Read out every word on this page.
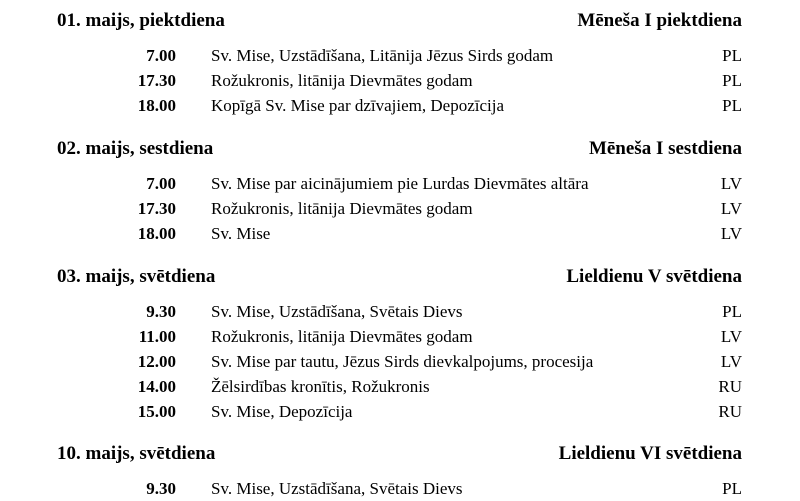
01. maijs, piektdiena	Mēneša I piektdiena
7.00 Sv. Mise, Uzstādīšana, Litānija Jēzus Sirds godam	PL
17.30 Rožukronis, litānija Dievmātes godam	PL
18.00 Kopīgā Sv. Mise par dzīvajiem, Depozīcija	PL
02. maijs, sestdiena	Mēneša I sestdiena
7.00 Sv. Mise par aicinājumiem pie Lurdas Dievmātes altāra	LV
17.30 Rožukronis, litānija Dievmātes godam	LV
18.00 Sv. Mise	LV
03. maijs, svētdiena	Lieldienu V svētdiena
9.30 Sv. Mise, Uzstādīšana, Svētais Dievs	PL
11.00 Rožukronis, litānija Dievmātes godam	LV
12.00 Sv. Mise par tautu, Jēzus Sirds dievkalpojums, procesija	LV
14.00 Žēlsirdības kronītis, Rožukronis	RU
15.00 Sv. Mise, Depozīcija	RU
10. maijs, svētdiena	Lieldienu VI svētdiena
9.30 Sv. Mise, Uzstādīšana, Svētais Dievs	PL
